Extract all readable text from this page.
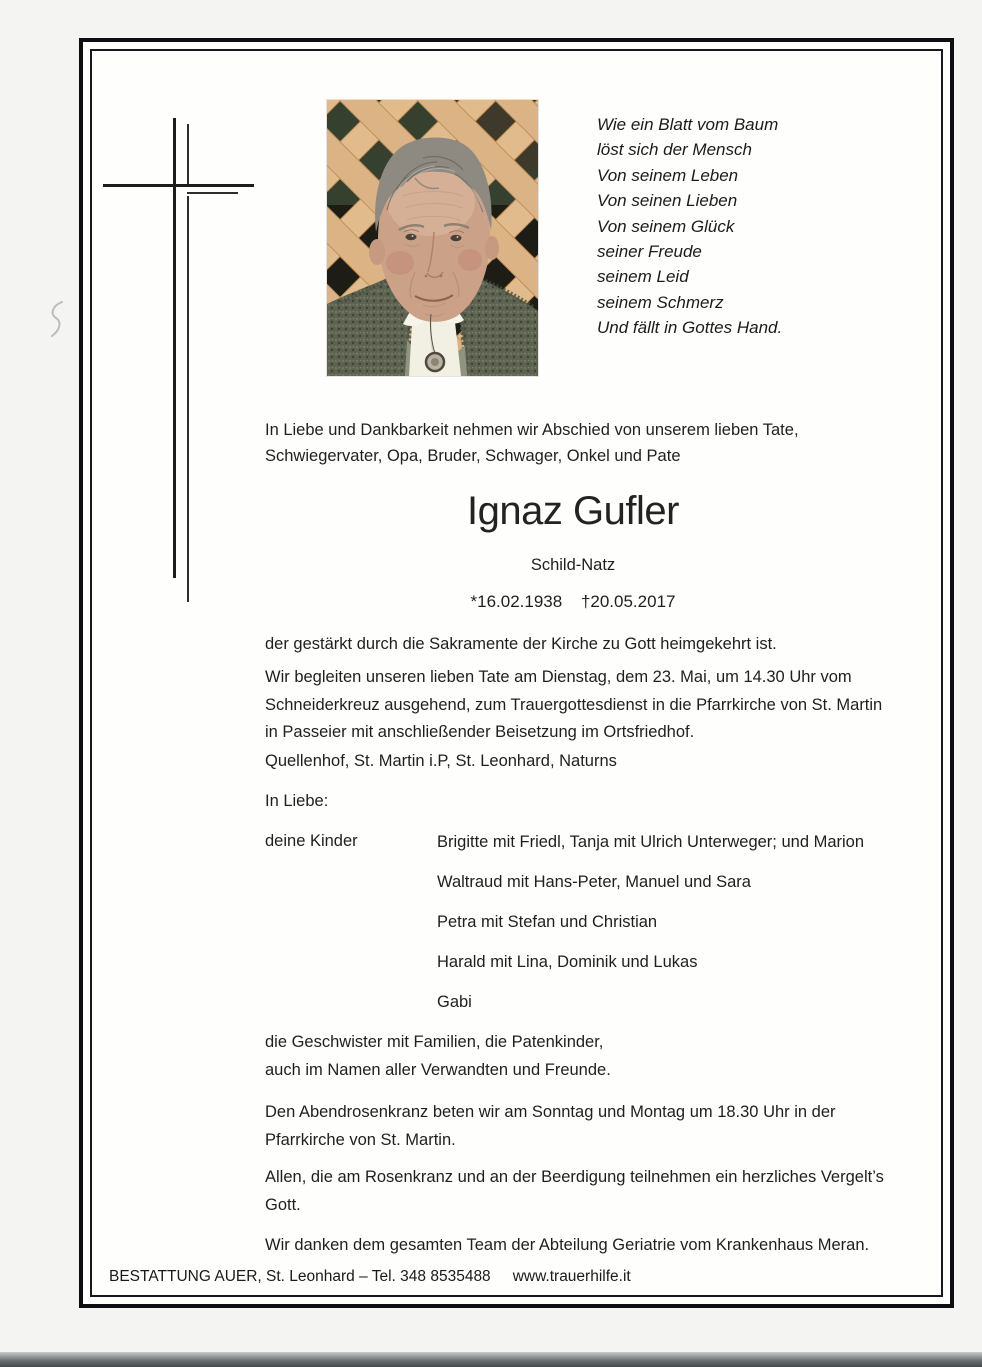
Wie ein Blatt vom Baum
löst sich der Mensch
Von seinem Leben
Von seinen Lieben
Von seinem Glück
seiner Freude
seinem Leid
seinem Schmerz
Und fällt in Gottes Hand.
In Liebe und Dankbarkeit nehmen wir Abschied von unserem lieben Tate,
Schwiegervater, Opa, Bruder, Schwager, Onkel und Pate
Ignaz Gufler
Schild-Natz
*16.02.1938 †20.05.2017
der gestärkt durch die Sakramente der Kirche zu Gott heimgekehrt ist.
Wir begleiten unseren lieben Tate am Dienstag, dem 23. Mai, um 14.30 Uhr vom
Schneiderkreuz ausgehend, zum Trauergottesdienst in die Pfarrkirche von St. Martin
in Passeier mit anschließender Beisetzung im Ortsfriedhof.
Quellenhof, St. Martin i.P, St. Leonhard, Naturns
In Liebe:
deine Kinder	Brigitte mit Friedl, Tanja mit Ulrich Unterweger; und Marion
Waltraud mit Hans-Peter, Manuel und Sara
Petra mit Stefan und Christian
Harald mit Lina, Dominik und Lukas
Gabi
die Geschwister mit Familien, die Patenkinder,
auch im Namen aller Verwandten und Freunde.
Den Abendrosenkranz beten wir am Sonntag und Montag um 18.30 Uhr in der
Pfarrkirche von St. Martin.
Allen, die am Rosenkranz und an der Beerdigung teilnehmen ein herzliches Vergelt’s
Gott.
Wir danken dem gesamten Team der Abteilung Geriatrie vom Krankenhaus Meran.
BESTATTUNG AUER, St. Leonhard – Tel. 348 8535488 www.trauerhilfe.it
